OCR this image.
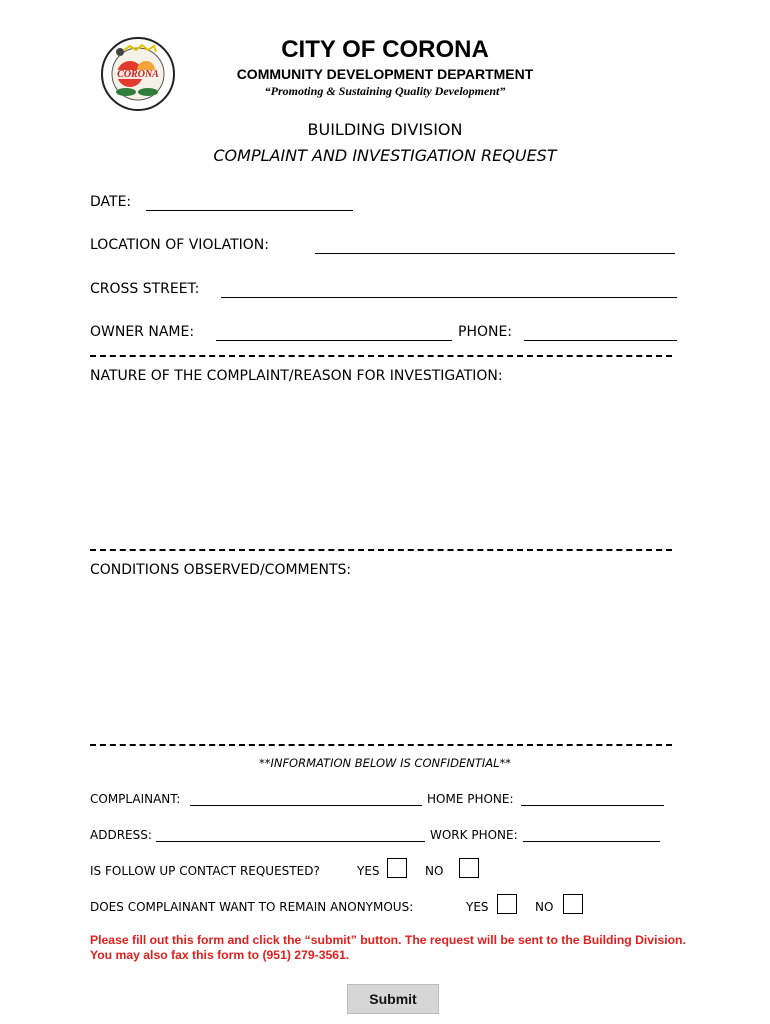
CORONA
CITY OF CORONA
COMMUNITY DEVELOPMENT DEPARTMENT
“Promoting & Sustaining Quality Development”
BUILDING DIVISION
COMPLAINT AND INVESTIGATION REQUEST
DATE:
LOCATION OF VIOLATION:
CROSS STREET:
OWNER NAME:	PHONE:
NATURE OF THE COMPLAINT/REASON FOR INVESTIGATION:
CONDITIONS OBSERVED/COMMENTS:
**INFORMATION BELOW IS CONFIDENTIAL**
COMPLAINANT:	HOME PHONE:
ADDRESS:	WORK PHONE:
IS FOLLOW UP CONTACT REQUESTED?	YES	NO
DOES COMPLAINANT WANT TO REMAIN ANONYMOUS:	YES	NO
Please fill out this form and click the “submit” button. The request will be sent to the Building Division. You may also fax this form to (951) 279-3561.
Submit
